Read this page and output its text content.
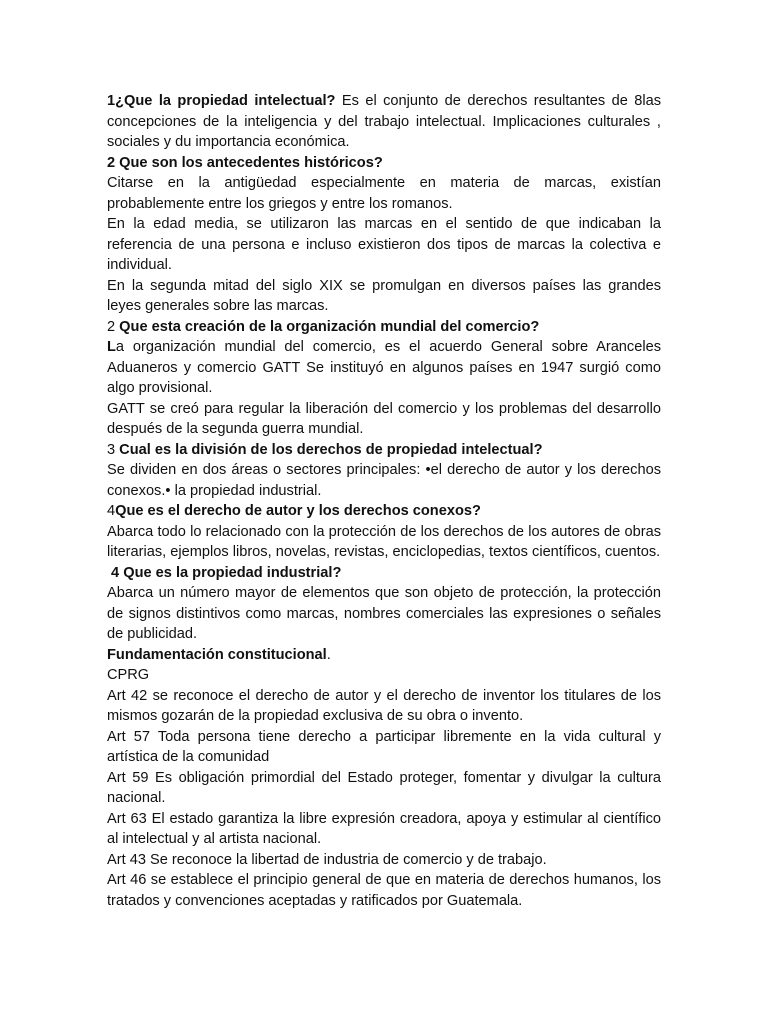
1¿Que la propiedad intelectual? Es el conjunto de derechos resultantes de 8las concepciones de la inteligencia y del trabajo intelectual. Implicaciones culturales , sociales y du importancia económica.

2 Que son los antecedentes históricos?

Citarse en la antigüedad especialmente en materia de marcas, existían probablemente entre los griegos y entre los romanos.

En la edad media, se utilizaron las marcas en el sentido de que indicaban la referencia de una persona e incluso existieron dos tipos de marcas la colectiva e individual.

En la segunda mitad del siglo XIX se promulgan en diversos países las grandes leyes generales sobre las marcas.

2 Que esta creación de la organización mundial del comercio?

La organización mundial del comercio, es el acuerdo General sobre Aranceles Aduaneros y comercio GATT Se instituyó en algunos países en 1947 surgió como algo provisional.

GATT se creó para regular la liberación del comercio y los problemas del desarrollo después de la segunda guerra mundial.

3 Cual es la división de los derechos de propiedad intelectual?

Se dividen en dos áreas o sectores principales: •el derecho de autor y los derechos conexos.• la propiedad industrial.

4Que es el derecho de autor y los derechos conexos?

Abarca todo lo relacionado con la protección de los derechos de los autores de obras literarias, ejemplos libros, novelas, revistas, enciclopedias, textos científicos, cuentos.

4 Que es la propiedad industrial?

Abarca un número mayor de elementos que son objeto de protección, la protección de signos distintivos como marcas, nombres comerciales las expresiones o señales de publicidad.

Fundamentación constitucional.

CPRG

Art 42 se reconoce el derecho de autor y el derecho de inventor los titulares de los mismos gozarán de la propiedad exclusiva de su obra o invento.

Art 57 Toda persona tiene derecho a participar libremente en la vida cultural y artística de la comunidad

Art 59 Es obligación primordial del Estado proteger, fomentar y divulgar la cultura nacional.

Art 63 El estado garantiza la libre expresión creadora, apoya y estimular al científico al intelectual y al artista nacional.

Art 43 Se reconoce la libertad de industria de comercio y de trabajo.

Art 46 se establece el principio general de que en materia de derechos humanos, los tratados y convenciones aceptadas y ratificados por Guatemala.
